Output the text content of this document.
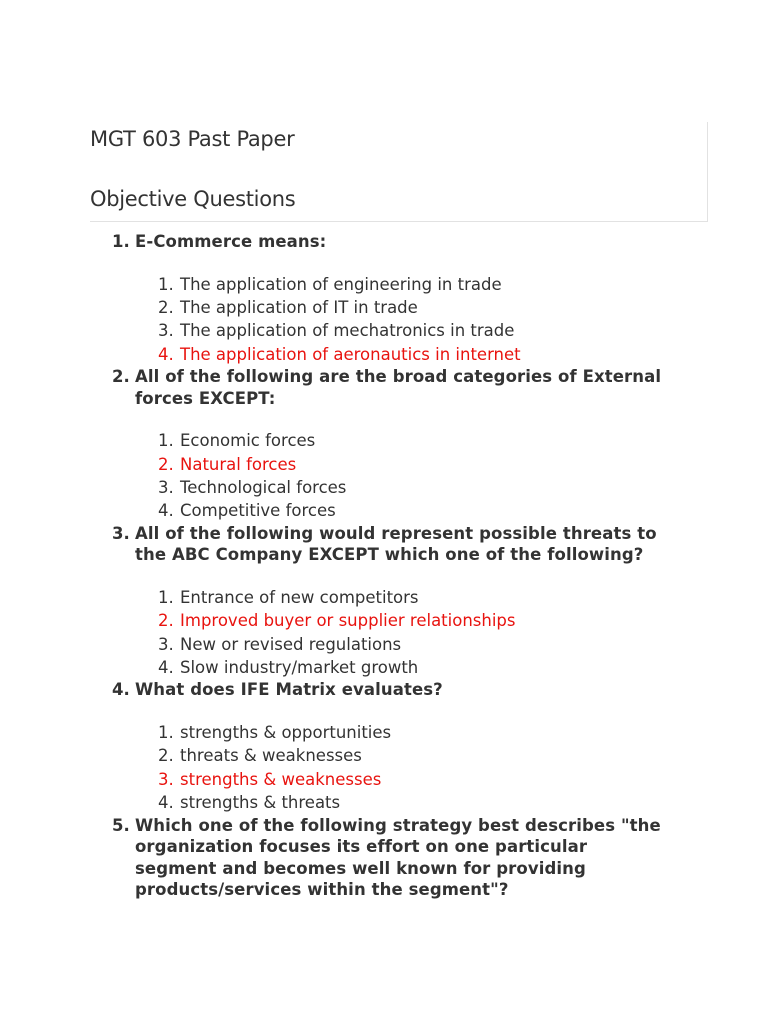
MGT 603 Past Paper
Objective Questions
1. E-Commerce means:
1. The application of engineering in trade
2. The application of IT in trade
3. The application of mechatronics in trade
4. The application of aeronautics in internet
2. All of the following are the broad categories of External forces EXCEPT:
1. Economic forces
2. Natural forces
3. Technological forces
4. Competitive forces
3. All of the following would represent possible threats to the ABC Company EXCEPT which one of the following?
1. Entrance of new competitors
2. Improved buyer or supplier relationships
3. New or revised regulations
4. Slow industry/market growth
4. What does IFE Matrix evaluates?
1. strengths & opportunities
2. threats & weaknesses
3. strengths & weaknesses
4. strengths & threats
5. Which one of the following strategy best describes "the organization focuses its effort on one particular segment and becomes well known for providing products/services within the segment"?
